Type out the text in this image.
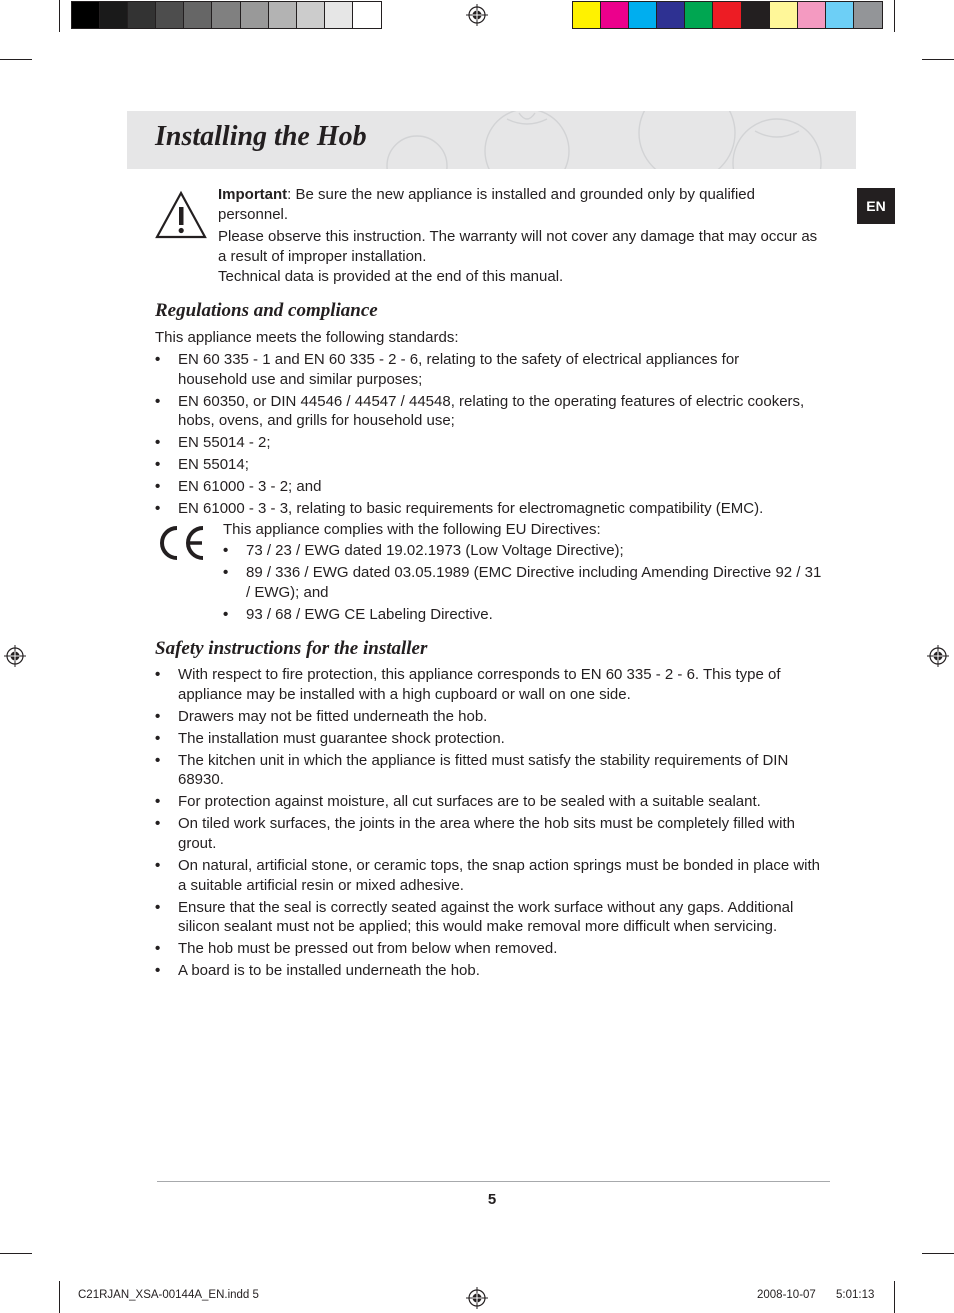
Installing the Hob
EN
Important: Be sure the new appliance is installed and grounded only by qualified personnel.
Please observe this instruction. The warranty will not cover any damage that may occur as a result of improper installation.
Technical data is provided at the end of this manual.
Regulations and compliance
This appliance meets the following standards:
• EN 60 335 - 1 and EN 60 335 - 2 - 6, relating to the safety of electrical appliances for household use and similar purposes;
• EN 60350, or DIN 44546 / 44547 / 44548, relating to the operating features of electric cookers, hobs, ovens, and grills for household use;
• EN 55014 - 2;
• EN 55014;
• EN 61000 - 3 - 2; and
• EN 61000 - 3 - 3, relating to basic requirements for electromagnetic compatibility (EMC).
This appliance complies with the following EU Directives:
• 73 / 23 / EWG dated 19.02.1973 (Low Voltage Directive);
• 89 / 336 / EWG dated 03.05.1989 (EMC Directive including Amending Directive 92 / 31 / EWG); and
• 93 / 68 / EWG CE Labeling Directive.
Safety instructions for the installer
• With respect to fire protection, this appliance corresponds to EN 60 335 - 2 - 6. This type of appliance may be installed with a high cupboard or wall on one side.
• Drawers may not be fitted underneath the hob.
• The installation must guarantee shock protection.
• The kitchen unit in which the appliance is fitted must satisfy the stability requirements of DIN 68930.
• For protection against moisture, all cut surfaces are to be sealed with a suitable sealant.
• On tiled work surfaces, the joints in the area where the hob sits must be completely filled with grout.
• On natural, artificial stone, or ceramic tops, the snap action springs must be bonded in place with a suitable artificial resin or mixed adhesive.
• Ensure that the seal is correctly seated against the work surface without any gaps. Additional silicon sealant must not be applied; this would make removal more difficult when servicing.
• The hob must be pressed out from below when removed.
• A board is to be installed underneath the hob.
5
C21RJAN_XSA-00144A_EN.indd 5	2008-10-07 5:01:13
